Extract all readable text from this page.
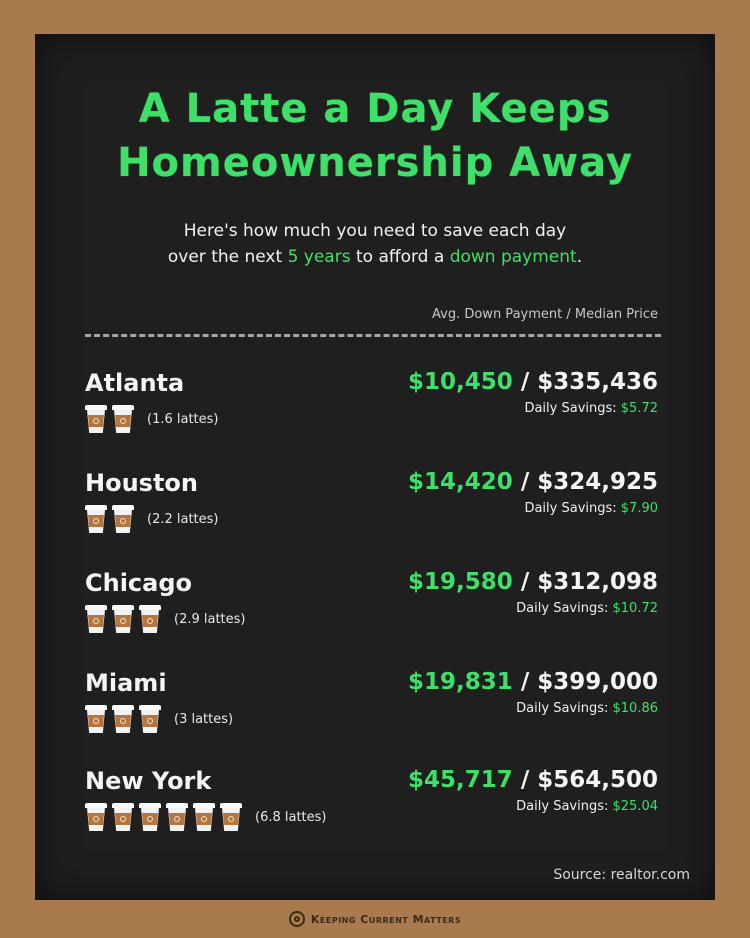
A Latte a Day Keeps
Homeownership Away
Here's how much you need to save each day
over the next 5 years to afford a down payment.
Avg. Down Payment / Median Price
Atlanta
(1.6 lattes)
$10,450 / $335,436
Daily Savings: $5.72
Houston
(2.2 lattes)
$14,420 / $324,925
Daily Savings: $7.90
Chicago
(2.9 lattes)
$19,580 / $312,098
Daily Savings: $10.72
Miami
(3 lattes)
$19,831 / $399,000
Daily Savings: $10.86
New York
(6.8 lattes)
$45,717 / $564,500
Daily Savings: $25.04
Source: realtor.com
Keeping Current Matters
